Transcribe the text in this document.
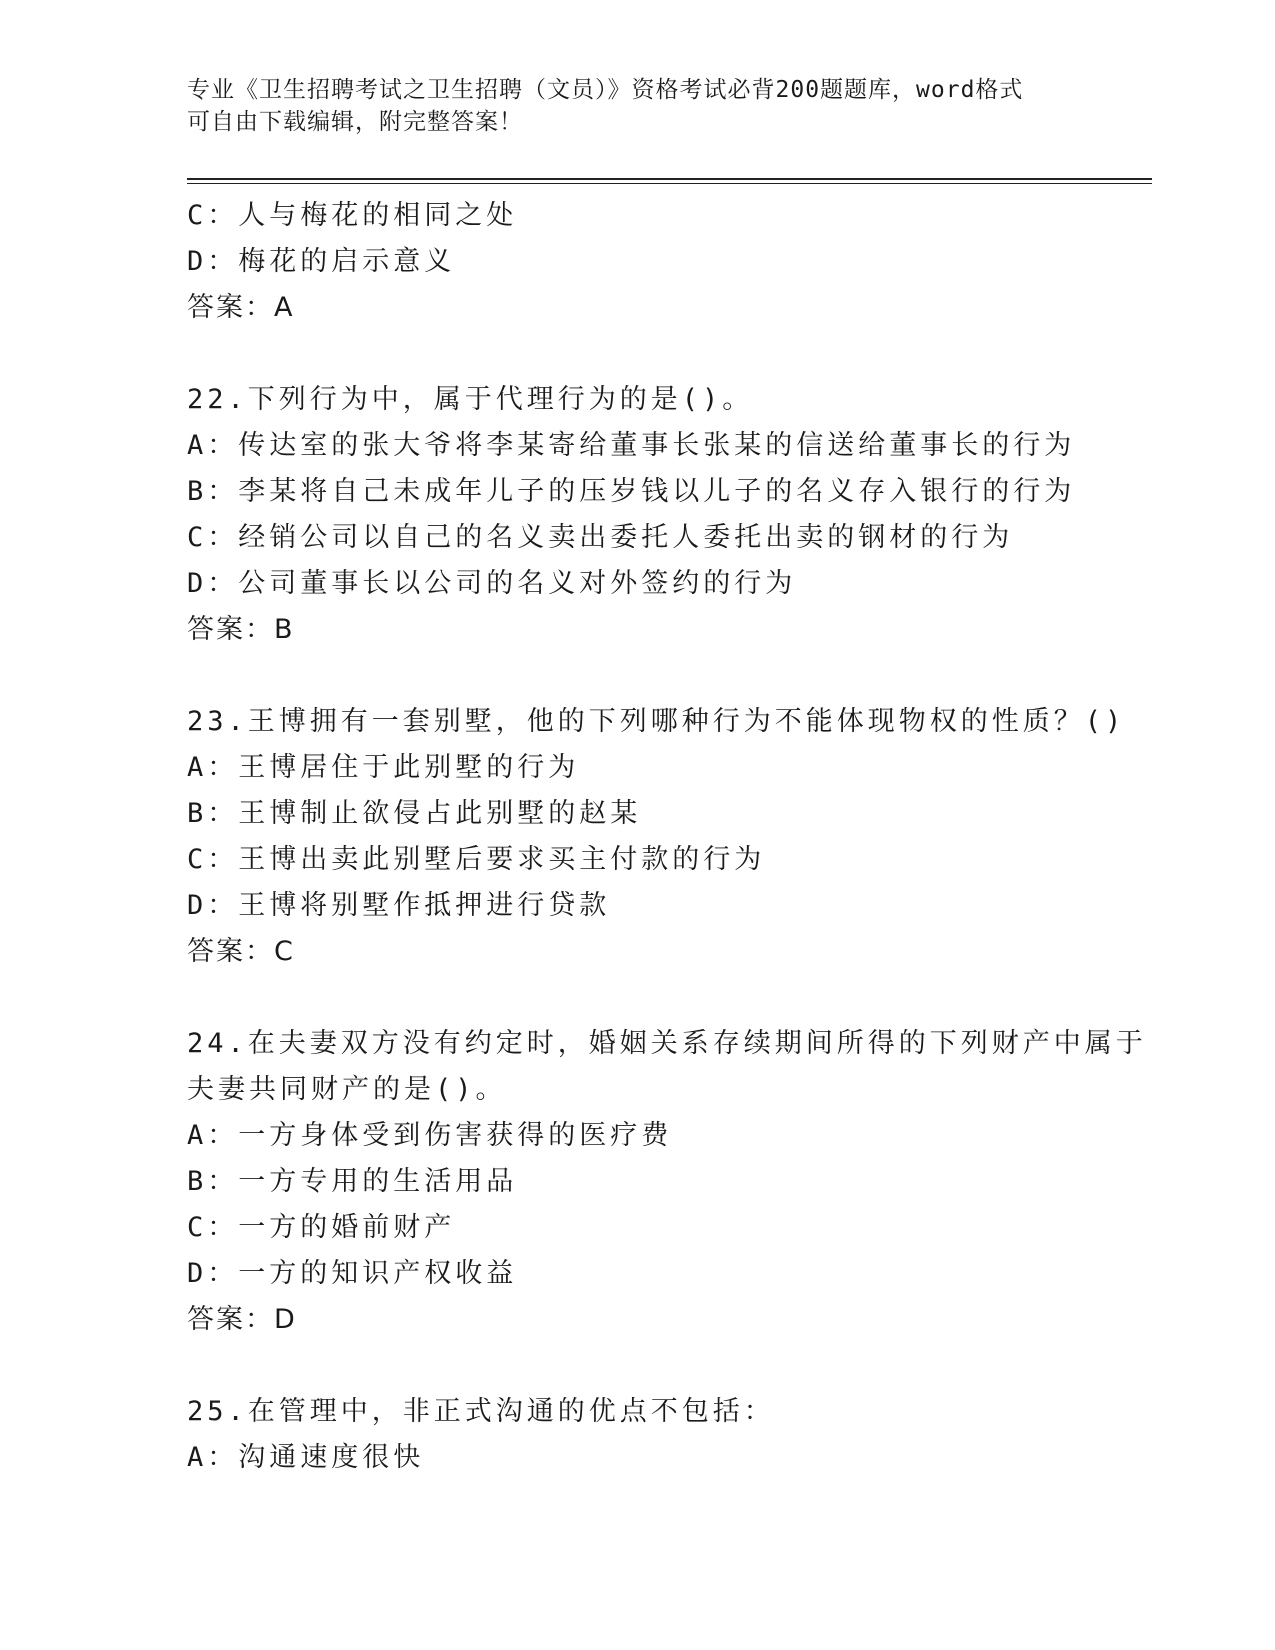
专业《卫生招聘考试之卫生招聘（文员）》资格考试必背200题题库，word格式
可自由下载编辑，附完整答案！
C：人与梅花的相同之处
D：梅花的启示意义
答案：A
22.下列行为中，属于代理行为的是()。
A：传达室的张大爷将李某寄给董事长张某的信送给董事长的行为
B：李某将自己未成年儿子的压岁钱以儿子的名义存入银行的行为
C：经销公司以自己的名义卖出委托人委托出卖的钢材的行为
D：公司董事长以公司的名义对外签约的行为
答案：B
23.王博拥有一套别墅，他的下列哪种行为不能体现物权的性质？()
A：王博居住于此别墅的行为
B：王博制止欲侵占此别墅的赵某
C：王博出卖此别墅后要求买主付款的行为
D：王博将别墅作抵押进行贷款
答案：C
24.在夫妻双方没有约定时，婚姻关系存续期间所得的下列财产中属于
夫妻共同财产的是()。
A：一方身体受到伤害获得的医疗费
B：一方专用的生活用品
C：一方的婚前财产
D：一方的知识产权收益
答案：D
25.在管理中，非正式沟通的优点不包括：
A：沟通速度很快
